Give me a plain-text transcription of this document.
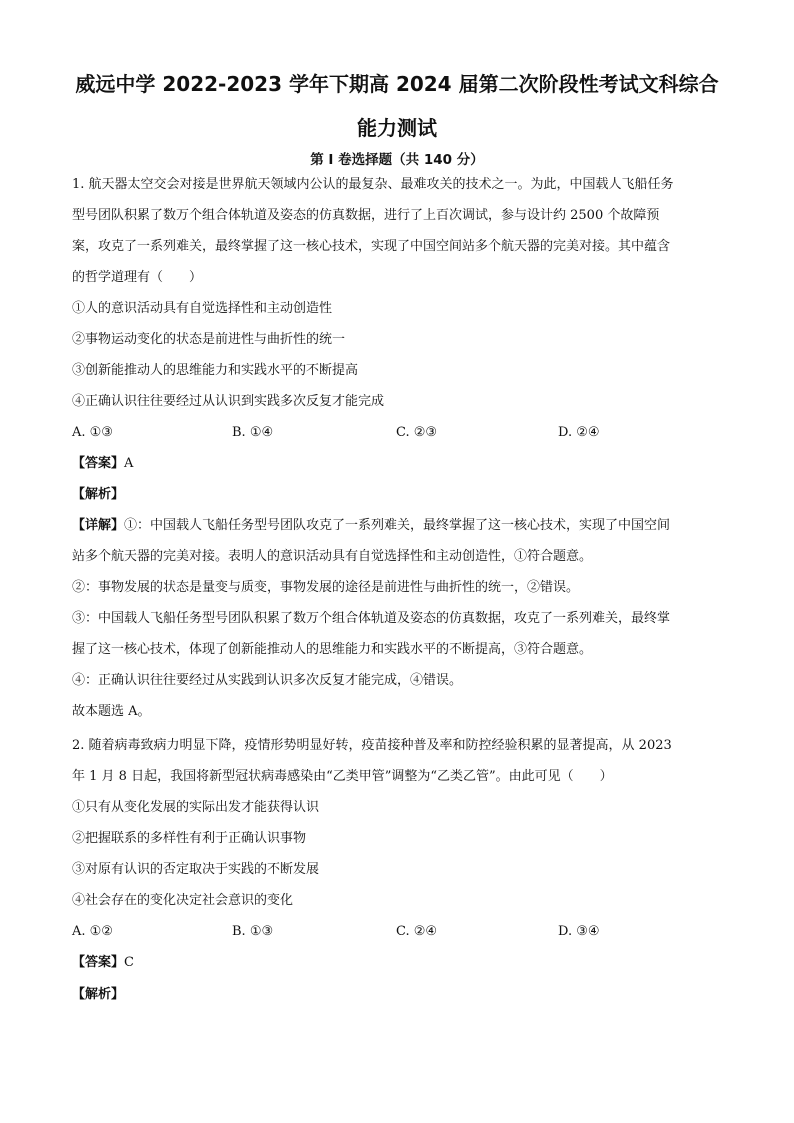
威远中学 2022-2023 学年下期高 2024 届第二次阶段性考试文科综合
能力测试
第 I 卷选择题（共 140 分）
1. 航天器太空交会对接是世界航天领域内公认的最复杂、最难攻关的技术之一。为此，中国载人飞船任务
型号团队积累了数万个组合体轨道及姿态的仿真数据，进行了上百次调试，参与设计约 2500 个故障预
案，攻克了一系列难关，最终掌握了这一核心技术，实现了中国空间站多个航天器的完美对接。其中蕴含
的哲学道理有（　　）
①人的意识活动具有自觉选择性和主动创造性
②事物运动变化的状态是前进性与曲折性的统一
③创新能推动人的思维能力和实践水平的不断提高
④正确认识往往要经过从认识到实践多次反复才能完成
A. ①③	B. ①④	C. ②③	D. ②④
【答案】A
【解析】
【详解】①：中国载人飞船任务型号团队攻克了一系列难关，最终掌握了这一核心技术，实现了中国空间
站多个航天器的完美对接。表明人的意识活动具有自觉选择性和主动创造性，①符合题意。
②：事物发展的状态是量变与质变，事物发展的途径是前进性与曲折性的统一，②错误。
③：中国载人飞船任务型号团队积累了数万个组合体轨道及姿态的仿真数据，攻克了一系列难关，最终掌
握了这一核心技术，体现了创新能推动人的思维能力和实践水平的不断提高，③符合题意。
④：正确认识往往要经过从实践到认识多次反复才能完成，④错误。
故本题选 A。
2. 随着病毒致病力明显下降，疫情形势明显好转，疫苗接种普及率和防控经验积累的显著提高，从 2023
年 1 月 8 日起，我国将新型冠状病毒感染由“乙类甲管”调整为“乙类乙管”。由此可见（　　）
①只有从变化发展的实际出发才能获得认识
②把握联系的多样性有利于正确认识事物
③对原有认识的否定取决于实践的不断发展
④社会存在的变化决定社会意识的变化
A. ①②	B. ①③	C. ②④	D. ③④
【答案】C
【解析】
